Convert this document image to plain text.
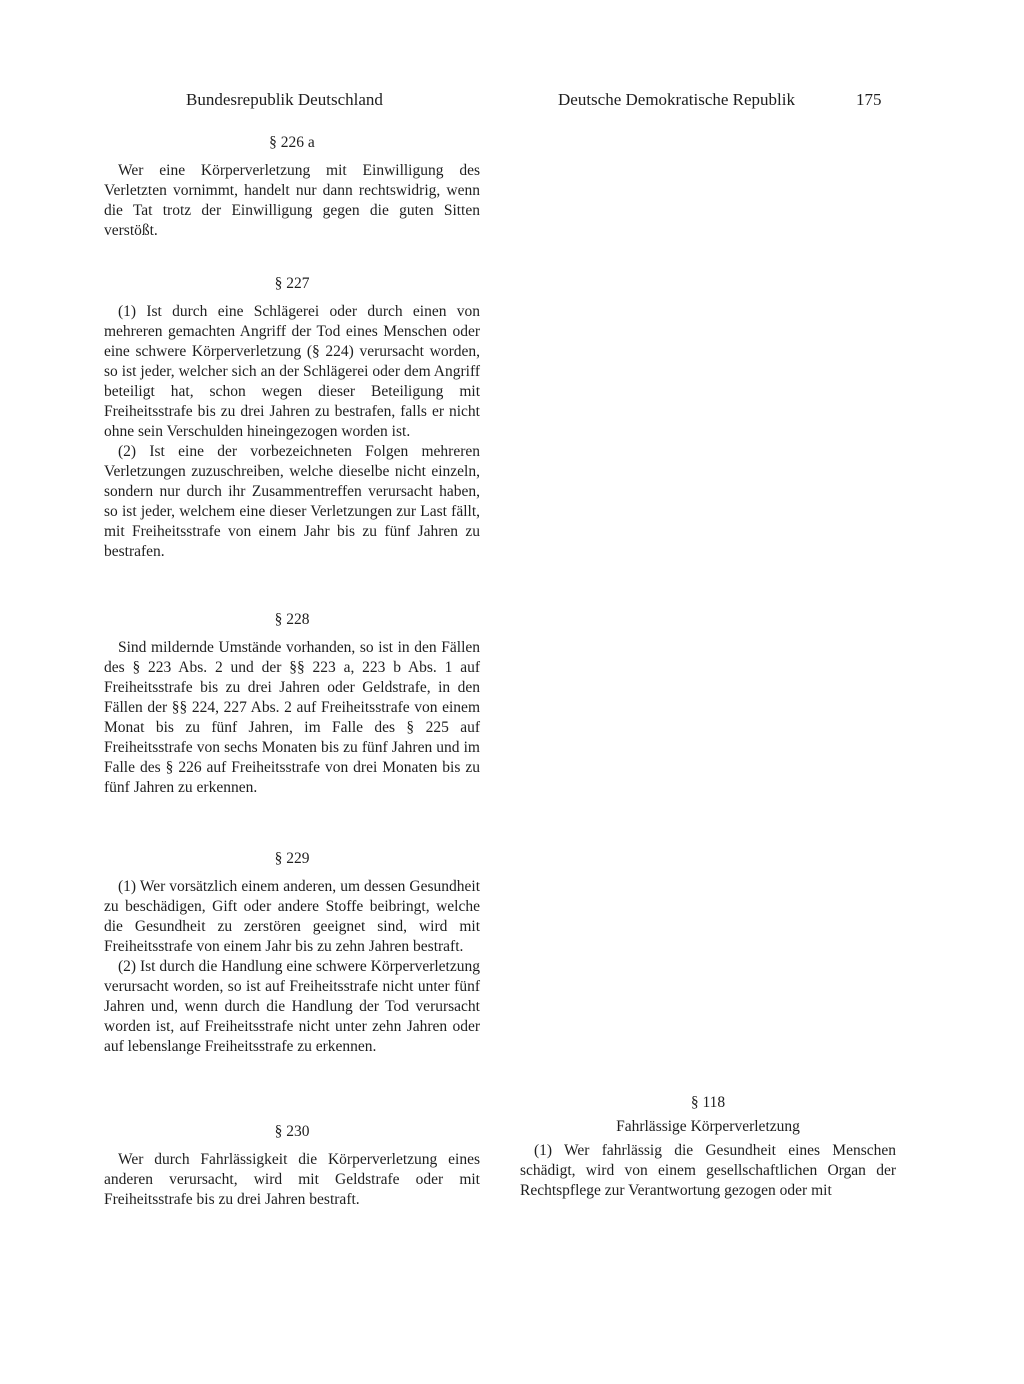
Bundesrepublik Deutschland	Deutsche Demokratische Republik	175
§ 226 a

Wer eine Körperverletzung mit Einwilligung des Verletzten vornimmt, handelt nur dann rechtswidrig, wenn die Tat trotz der Einwilligung gegen die guten Sitten verstößt.

§ 227

(1) Ist durch eine Schlägerei oder durch einen von mehreren gemachten Angriff der Tod eines Menschen oder eine schwere Körperverletzung (§ 224) verursacht worden, so ist jeder, welcher sich an der Schlägerei oder dem Angriff beteiligt hat, schon wegen dieser Beteiligung mit Freiheitsstrafe bis zu drei Jahren zu bestrafen, falls er nicht ohne sein Verschulden hineingezogen worden ist.

(2) Ist eine der vorbezeichneten Folgen mehreren Verletzungen zuzuschreiben, welche dieselbe nicht einzeln, sondern nur durch ihr Zusammentreffen verursacht haben, so ist jeder, welchem eine dieser Verletzungen zur Last fällt, mit Freiheitsstrafe von einem Jahr bis zu fünf Jahren zu bestrafen.

§ 228

Sind mildernde Umstände vorhanden, so ist in den Fällen des § 223 Abs. 2 und der §§ 223 a, 223 b Abs. 1 auf Freiheitsstrafe bis zu drei Jahren oder Geldstrafe, in den Fällen der §§ 224, 227 Abs. 2 auf Freiheitsstrafe von einem Monat bis zu fünf Jahren, im Falle des § 225 auf Freiheitsstrafe von sechs Monaten bis zu fünf Jahren und im Falle des § 226 auf Freiheitsstrafe von drei Monaten bis zu fünf Jahren zu erkennen.

§ 229

(1) Wer vorsätzlich einem anderen, um dessen Gesundheit zu beschädigen, Gift oder andere Stoffe beibringt, welche die Gesundheit zu zerstören geeignet sind, wird mit Freiheitsstrafe von einem Jahr bis zu zehn Jahren bestraft.

(2) Ist durch die Handlung eine schwere Körperverletzung verursacht worden, so ist auf Freiheitsstrafe nicht unter fünf Jahren und, wenn durch die Handlung der Tod verursacht worden ist, auf Freiheitsstrafe nicht unter zehn Jahren oder auf lebenslange Freiheitsstrafe zu erkennen.

§ 230

Wer durch Fahrlässigkeit die Körperverletzung eines anderen verursacht, wird mit Geldstrafe oder mit Freiheitsstrafe bis zu drei Jahren bestraft.

§ 118
Fahrlässige Körperverletzung

(1) Wer fahrlässig die Gesundheit eines Menschen schädigt, wird von einem gesellschaftlichen Organ der Rechtspflege zur Verantwortung gezogen oder mit
